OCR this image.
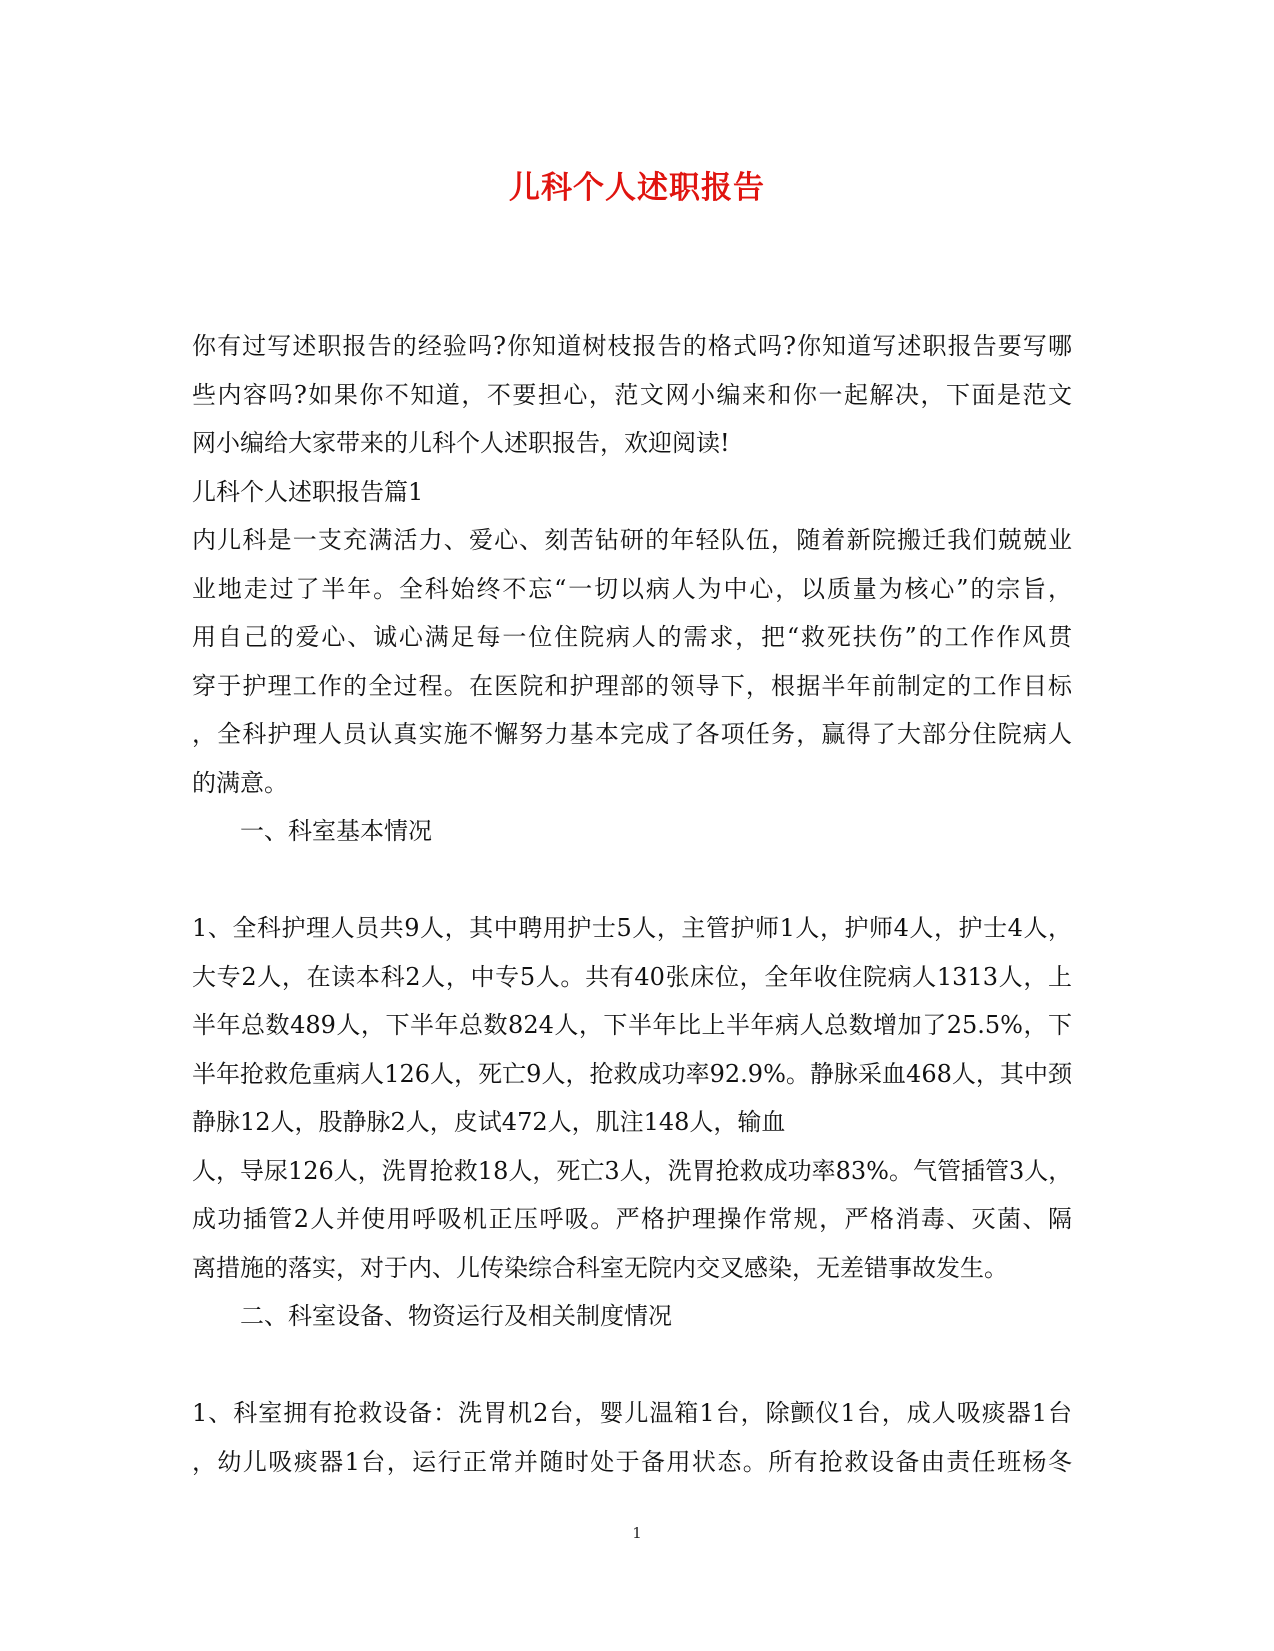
儿科个人述职报告
你有过写述职报告的经验吗?你知道树枝报告的格式吗?你知道写述职报告要写哪
些内容吗?如果你不知道，不要担心，范文网小编来和你一起解决，下面是范文
网小编给大家带来的儿科个人述职报告，欢迎阅读!
儿科个人述职报告篇1
内儿科是一支充满活力、爱心、刻苦钻研的年轻队伍，随着新院搬迁我们兢兢业
业地走过了半年。全科始终不忘“一切以病人为中心，以质量为核心”的宗旨，
用自己的爱心、诚心满足每一位住院病人的需求，把“救死扶伤”的工作作风贯
穿于护理工作的全过程。在医院和护理部的领导下，根据半年前制定的工作目标
，全科护理人员认真实施不懈努力基本完成了各项任务，赢得了大部分住院病人
的满意。
一、科室基本情况
1、全科护理人员共9人，其中聘用护士5人，主管护师1人，护师4人，护士4人，
大专2人，在读本科2人，中专5人。共有40张床位，全年收住院病人1313人，上
半年总数489人，下半年总数824人，下半年比上半年病人总数增加了25.5%，下
半年抢救危重病人126人，死亡9人，抢救成功率92.9%。静脉采血468人，其中颈
静脉12人，股静脉2人，皮试472人，肌注148人，输血
人，导尿126人，洗胃抢救18人，死亡3人，洗胃抢救成功率83%。气管插管3人，
成功插管2人并使用呼吸机正压呼吸。严格护理操作常规，严格消毒、灭菌、隔
离措施的落实，对于内、儿传染综合科室无院内交叉感染，无差错事故发生。
二、科室设备、物资运行及相关制度情况
1、科室拥有抢救设备：洗胃机2台，婴儿温箱1台，除颤仪1台，成人吸痰器1台
，幼儿吸痰器1台，运行正常并随时处于备用状态。所有抢救设备由责任班杨冬
1
